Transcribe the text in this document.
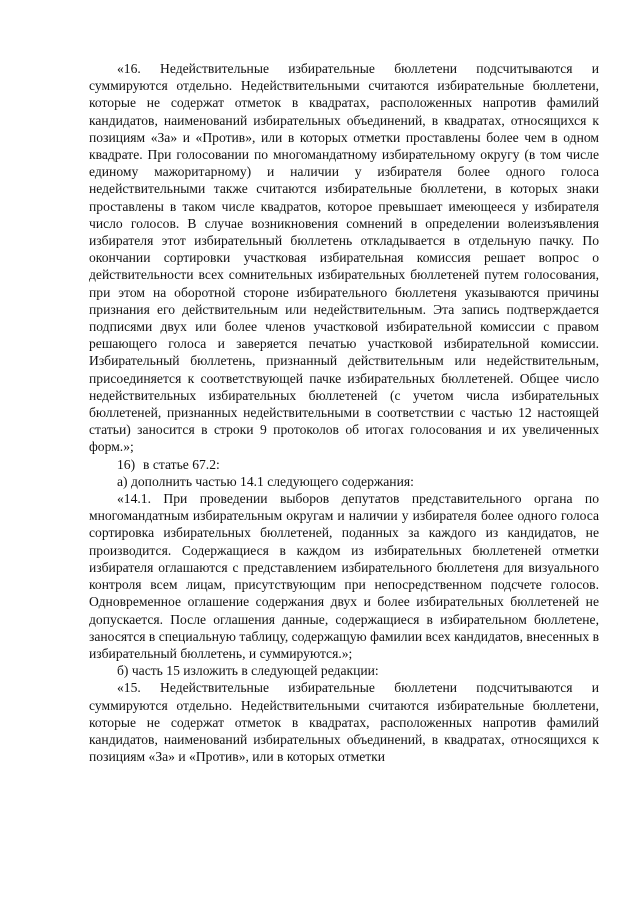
«16. Недействительные избирательные бюллетени подсчитываются и суммируются отдельно. Недействительными считаются избирательные бюллетени, которые не содержат отметок в квадратах, расположенных напротив фамилий кандидатов, наименований избирательных объединений, в квадратах, относящихся к позициям «За» и «Против», или в которых отметки проставлены более чем в одном квадрате. При голосовании по многомандатному избирательному округу (в том числе единому мажоритарному) и наличии у избирателя более одного голоса недействительными также считаются избирательные бюллетени, в которых знаки проставлены в таком числе квадратов, которое превышает имеющееся у избирателя число голосов. В случае возникновения сомнений в определении волеизъявления избирателя этот избирательный бюллетень откладывается в отдельную пачку. По окончании сортировки участковая избирательная комиссия решает вопрос о действительности всех сомнительных избирательных бюллетеней путем голосования, при этом на оборотной стороне избирательного бюллетеня указываются причины признания его действительным или недействительным. Эта запись подтверждается подписями двух или более членов участковой избирательной комиссии с правом решающего голоса и заверяется печатью участковой избирательной комиссии. Избирательный бюллетень, признанный действительным или недействительным, присоединяется к соответствующей пачке избирательных бюллетеней. Общее число недействительных избирательных бюллетеней (с учетом числа избирательных бюллетеней, признанных недействительными в соответствии с частью 12 настоящей статьи) заносится в строки 9 протоколов об итогах голосования и их увеличенных форм.»;

16) в статье 67.2:

а) дополнить частью 14.1 следующего содержания:

«14.1. При проведении выборов депутатов представительного органа по многомандатным избирательным округам и наличии у избирателя более одного голоса сортировка избирательных бюллетеней, поданных за каждого из кандидатов, не производится. Содержащиеся в каждом из избирательных бюллетеней отметки избирателя оглашаются с представлением избирательного бюллетеня для визуального контроля всем лицам, присутствующим при непосредственном подсчете голосов. Одновременное оглашение содержания двух и более избирательных бюллетеней не допускается. После оглашения данные, содержащиеся в избирательном бюллетене, заносятся в специальную таблицу, содержащую фамилии всех кандидатов, внесенных в избирательный бюллетень, и суммируются.»;

б) часть 15 изложить в следующей редакции:

«15. Недействительные избирательные бюллетени подсчитываются и суммируются отдельно. Недействительными считаются избирательные бюллетени, которые не содержат отметок в квадратах, расположенных напротив фамилий кандидатов, наименований избирательных объединений, в квадратах, относящихся к позициям «За» и «Против», или в которых отметки
